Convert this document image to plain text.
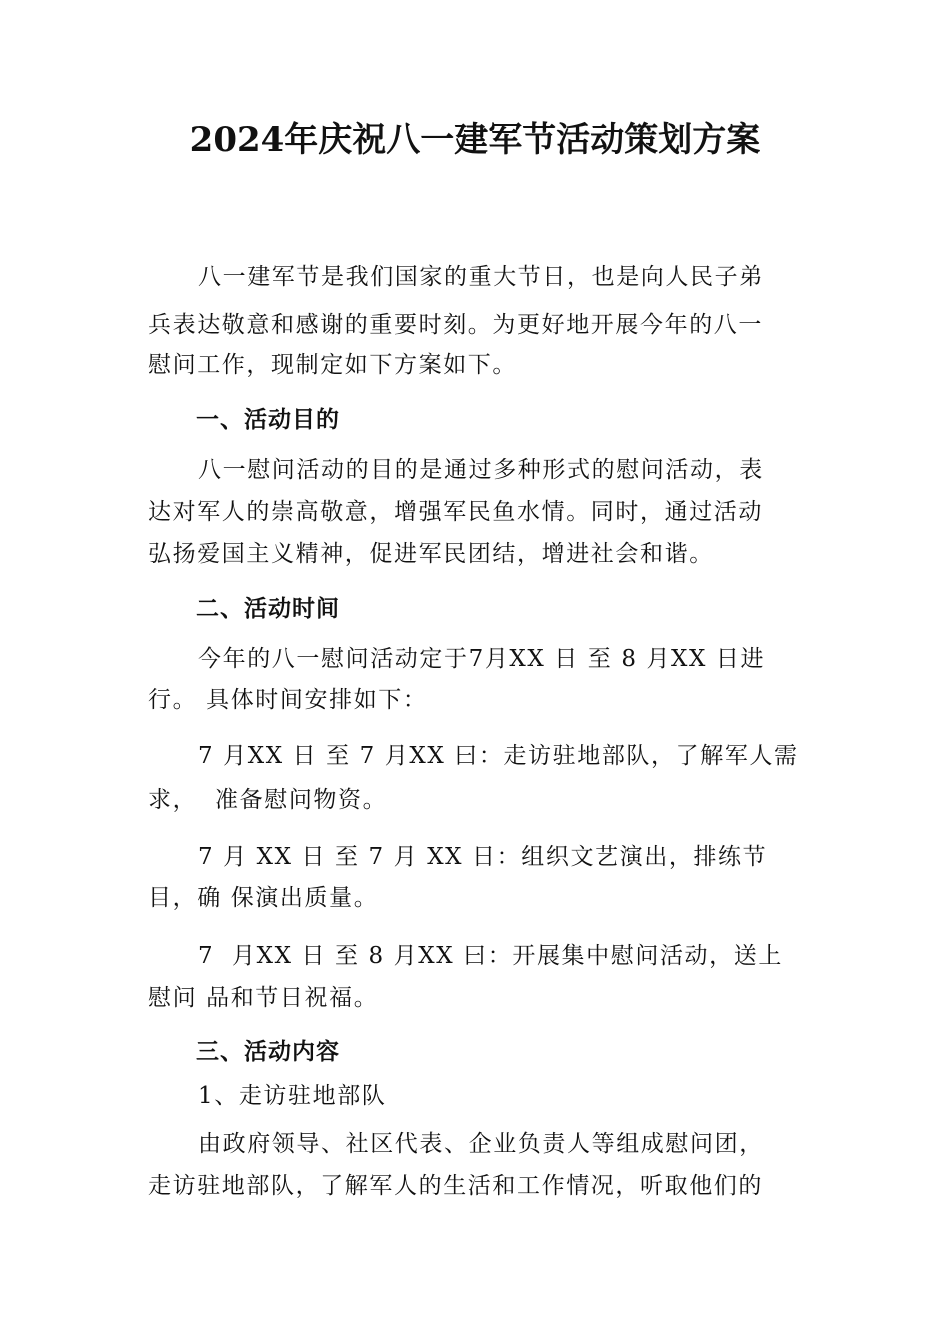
2024年庆祝八一建军节活动策划方案
八一建军节是我们国家的重大节日，也是向人民子弟
兵表达敬意和感谢的重要时刻。为更好地开展今年的八一
慰问工作，现制定如下方案如下。
一、活动目的
八一慰问活动的目的是通过多种形式的慰问活动，表
达对军人的崇高敬意，增强军民鱼水情。同时，通过活动
弘扬爱国主义精神，促进军民团结，增进社会和谐。
二、活动时间
今年的八一慰问活动定于7月XX 日 至 8 月XX 日进
行。 具体时间安排如下：
7 月XX 日 至 7 月XX 曰：走访驻地部队，了解军人需
求，  准备慰问物资。
7 月 XX 日 至 7 月 XX 日：组织文艺演出，排练节
目，确 保演出质量。
7  月XX 日 至 8 月XX 曰：开展集中慰问活动，送上
慰问 品和节日祝福。
三、活动内容
1、走访驻地部队
由政府领导、社区代表、企业负责人等组成慰问团，
走访驻地部队，了解军人的生活和工作情况，听取他们的
